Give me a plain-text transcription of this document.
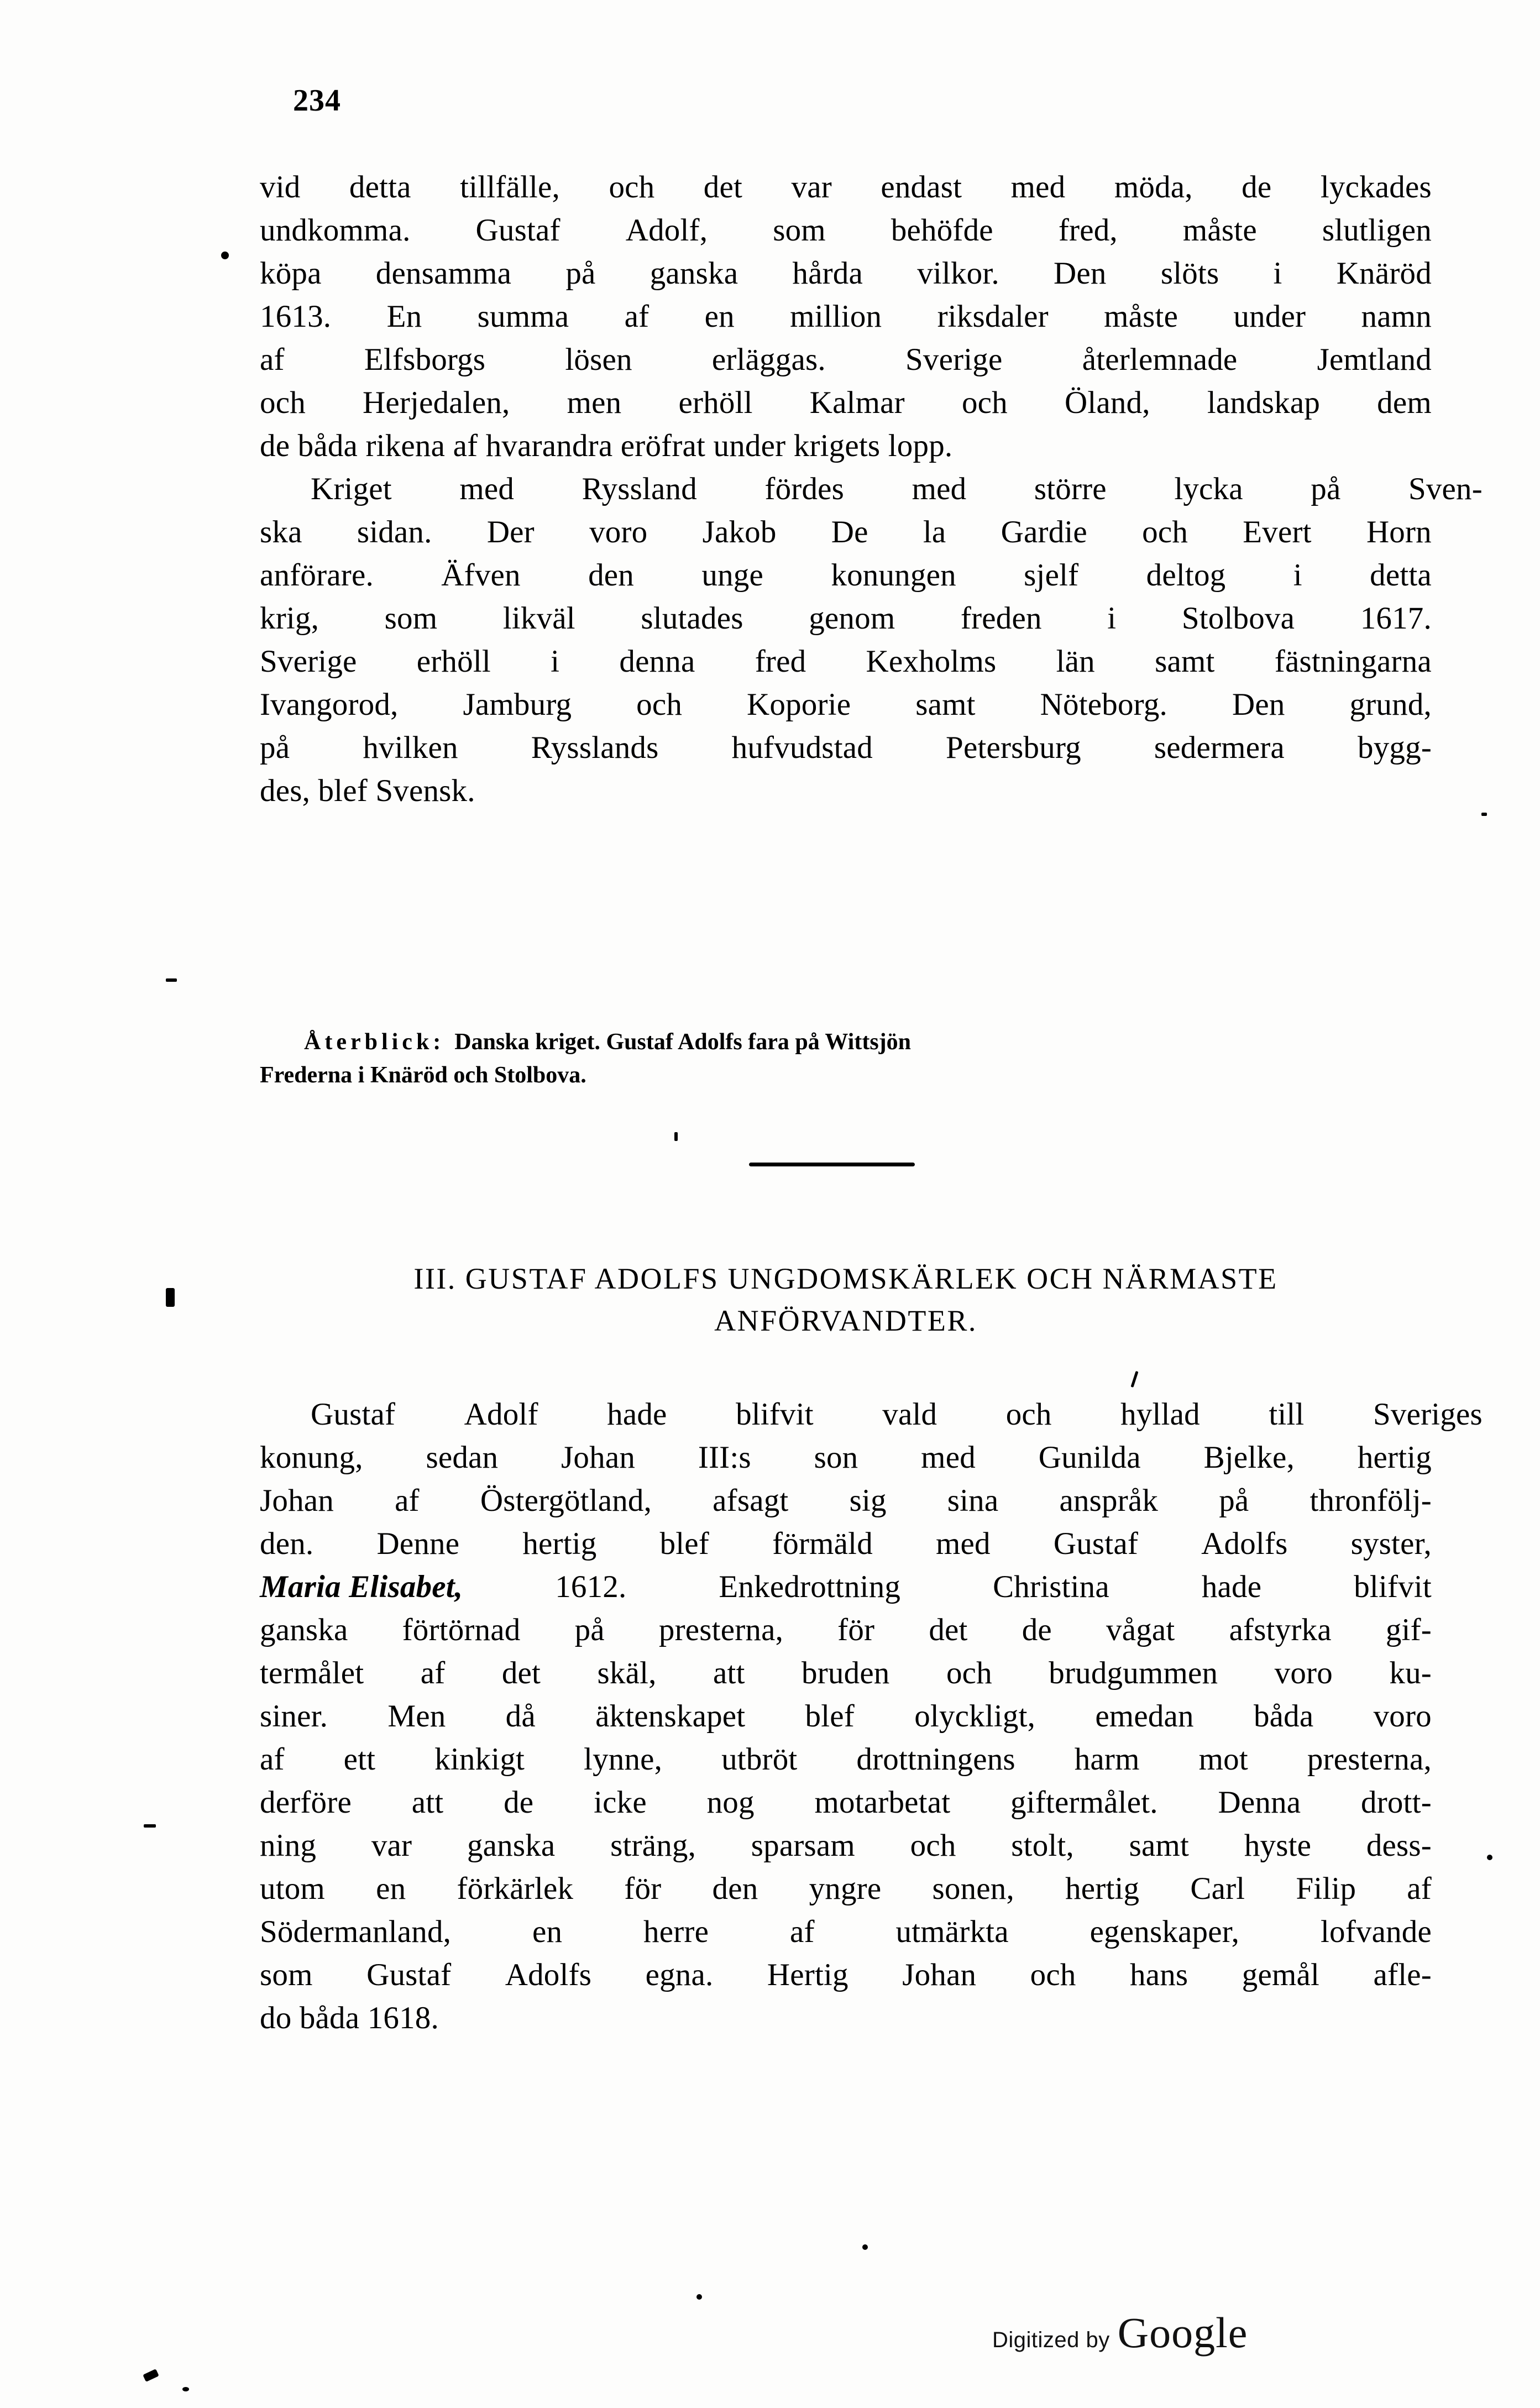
234
vid detta tillfälle, och det var endast med möda, de lyckades
undkomma. Gustaf Adolf, som behöfde fred, måste slutligen
köpa densamma på ganska hårda vilkor. Den slöts i Knäröd
1613. En summa af en million riksdaler måste under namn
af	Elfsborgs	lösen	erläggas.	Sverige	återlemnade	Jemtland
och Herjedalen, men erhöll Kalmar och Öland, landskap dem
de båda rikena af hvarandra eröfrat under krigets lopp.
Kriget med Ryssland fördes med större lycka på Sven-
ska sidan. Der voro Jakob De la Gardie och Evert Horn
anförare. Äfven den unge konungen sjelf deltog i detta
krig, som likväl slutades genom freden i Stolbova 1617.
Sverige erhöll i denna fred Kexholms län samt fästningarna
Ivangorod, Jamburg och Koporie samt Nöteborg. Den grund,
på hvilken Rysslands hufvudstad Petersburg sedermera bygg-
des, blef Svensk.
Återblick: Danska kriget. Gustaf Adolfs fara på Wittsjön
Frederna i Knäröd och Stolbova.
III. GUSTAF ADOLFS UNGDOMSKÄRLEK OCH NÄRMASTE
ANFÖRVANDTER.
Gustaf Adolf hade blifvit vald och hyllad till Sveriges
konung, sedan Johan III:s son med Gunilda Bjelke, hertig
Johan af Östergötland, afsagt sig sina anspråk på thronfölj-
den. Denne hertig blef förmäld med Gustaf Adolfs syster,
Maria Elisabet,	1612.	Enkedrottning	Christina	hade	blifvit
ganska förtörnad på presterna, för det de vågat afstyrka gif-
termålet af det skäl, att bruden och brudgummen voro ku-
siner. Men då äktenskapet blef olyckligt, emedan båda voro
af ett kinkigt lynne, utbröt drottningens harm mot presterna,
derföre att de icke nog motarbetat giftermålet. Denna drott-
ning var ganska sträng, sparsam och stolt, samt hyste dess-
utom en förkärlek för den yngre sonen, hertig Carl Filip af
Södermanland,	en	herre	af	utmärkta	egenskaper,	lofvande
som Gustaf Adolfs egna. Hertig Johan och hans gemål afle-
do båda 1618.
Digitized by Google
